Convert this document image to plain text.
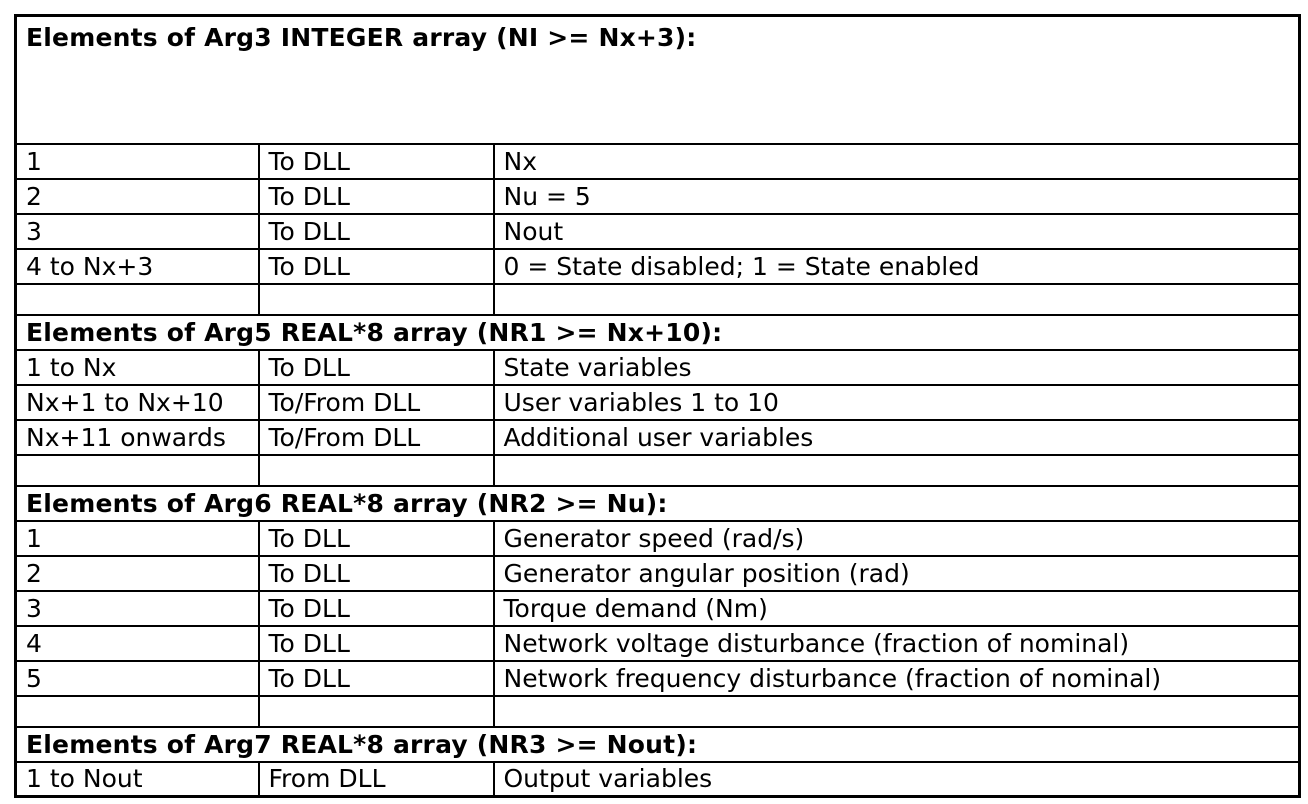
Elements of Arg3 INTEGER array (NI >= Nx+3):		
1	To DLL	Nx
2	To DLL	Nu = 5
3	To DLL	Nout
4 to Nx+3	To DLL	0 = State disabled; 1 = State enabled

Elements of Arg5 REAL*8 array (NR1 >= Nx+10):		
1 to Nx	To DLL	State variables
Nx+1 to Nx+10	To/From DLL	User variables 1 to 10
Nx+11 onwards	To/From DLL	Additional user variables

Elements of Arg6 REAL*8 array (NR2 >= Nu):		
1	To DLL	Generator speed (rad/s)
2	To DLL	Generator angular position (rad)
3	To DLL	Torque demand (Nm)
4	To DLL	Network voltage disturbance (fraction of nominal)
5	To DLL	Network frequency disturbance (fraction of nominal)

Elements of Arg7 REAL*8 array (NR3 >= Nout):		
1 to Nout	From DLL	Output variables
